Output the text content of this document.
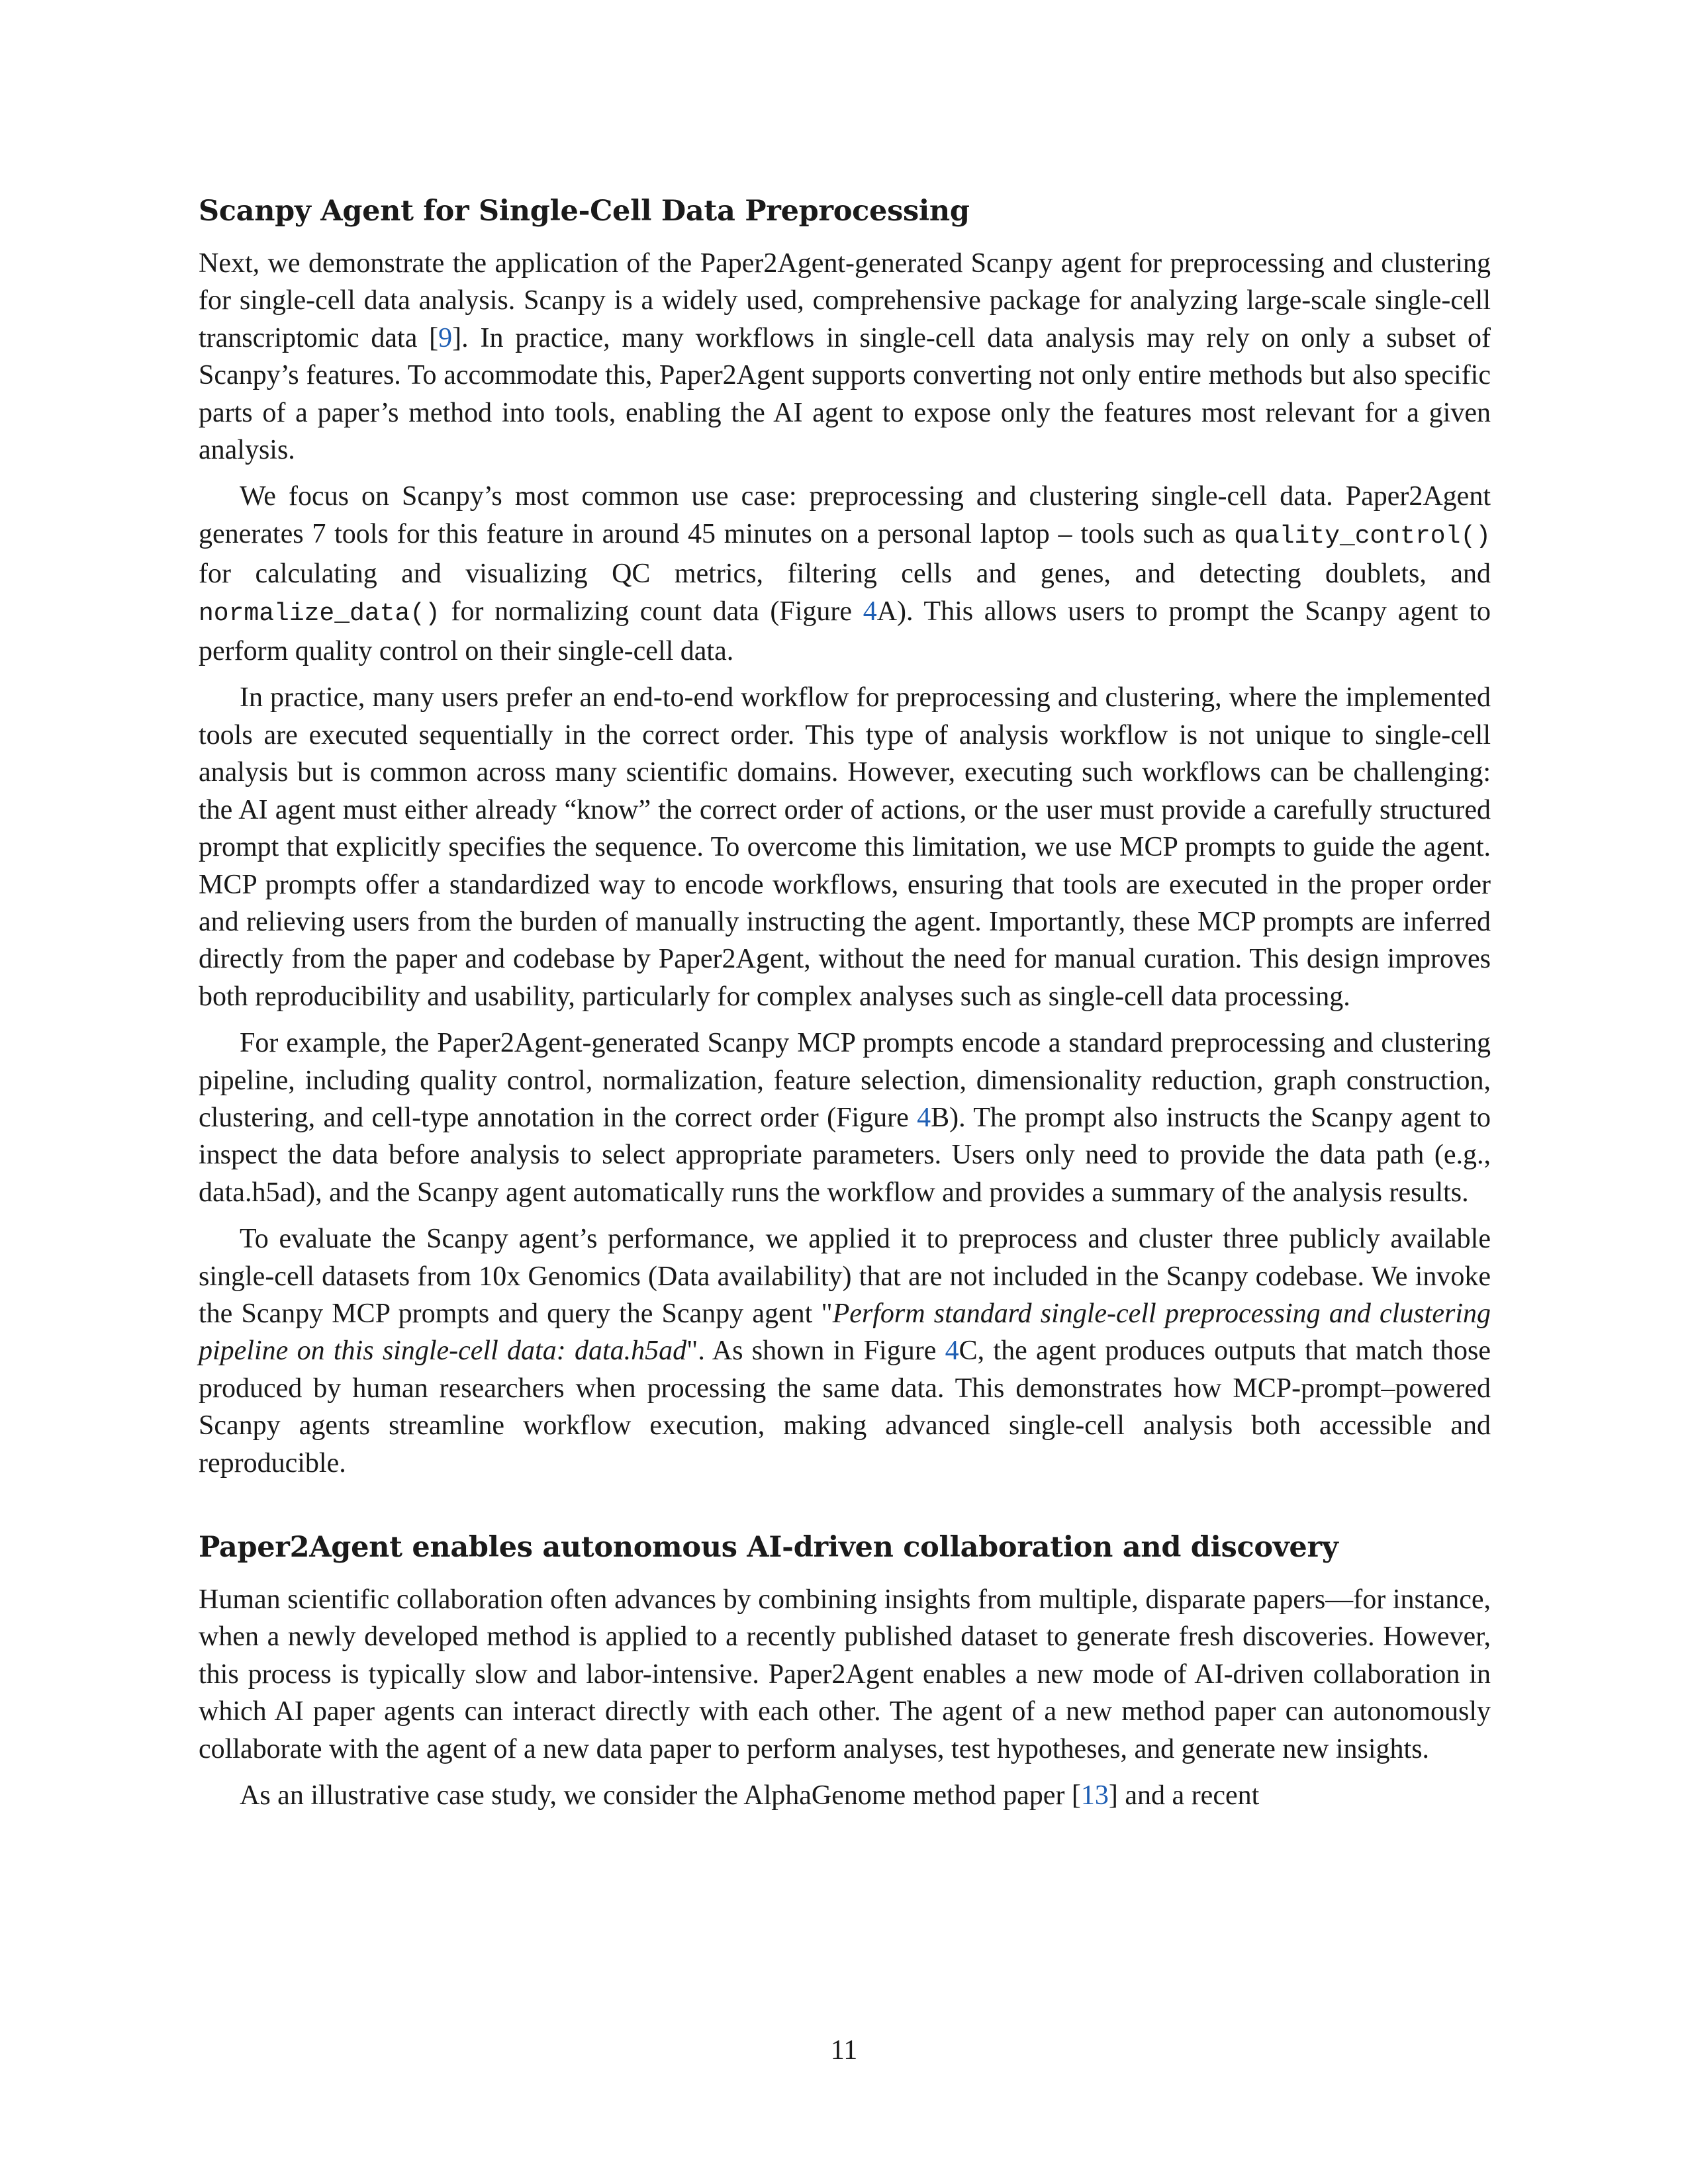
Scanpy Agent for Single-Cell Data Preprocessing

Next, we demonstrate the application of the Paper2Agent-generated Scanpy agent for preprocessing and clustering for single-cell data analysis. Scanpy is a widely used, comprehensive package for analyzing large-scale single-cell transcriptomic data [9]. In practice, many workflows in single-cell data analysis may rely on only a subset of Scanpy’s features. To accommodate this, Paper2Agent supports converting not only entire methods but also specific parts of a paper’s method into tools, enabling the AI agent to expose only the features most relevant for a given analysis.

We focus on Scanpy’s most common use case: preprocessing and clustering single-cell data. Paper2Agent generates 7 tools for this feature in around 45 minutes on a personal laptop – tools such as quality_control() for calculating and visualizing QC metrics, filtering cells and genes, and detecting doublets, and normalize_data() for normalizing count data (Figure 4A). This allows users to prompt the Scanpy agent to perform quality control on their single-cell data.

In practice, many users prefer an end-to-end workflow for preprocessing and clustering, where the implemented tools are executed sequentially in the correct order. This type of analysis workflow is not unique to single-cell analysis but is common across many scientific domains. However, executing such workflows can be challenging: the AI agent must either already “know” the correct order of actions, or the user must provide a carefully structured prompt that explicitly specifies the sequence. To overcome this limitation, we use MCP prompts to guide the agent. MCP prompts offer a standardized way to encode workflows, ensuring that tools are executed in the proper order and relieving users from the burden of manually instructing the agent. Importantly, these MCP prompts are inferred directly from the paper and codebase by Paper2Agent, without the need for manual curation. This design improves both reproducibility and usability, particularly for complex analyses such as single-cell data processing.

For example, the Paper2Agent-generated Scanpy MCP prompts encode a standard preprocessing and clustering pipeline, including quality control, normalization, feature selection, dimensionality reduction, graph construction, clustering, and cell-type annotation in the correct order (Figure 4B). The prompt also instructs the Scanpy agent to inspect the data before analysis to select appropriate parameters. Users only need to provide the data path (e.g., data.h5ad), and the Scanpy agent automatically runs the workflow and provides a summary of the analysis results.

To evaluate the Scanpy agent’s performance, we applied it to preprocess and cluster three publicly available single-cell datasets from 10x Genomics (Data availability) that are not included in the Scanpy codebase. We invoke the Scanpy MCP prompts and query the Scanpy agent "Perform standard single-cell preprocessing and clustering pipeline on this single-cell data: data.h5ad". As shown in Figure 4C, the agent produces outputs that match those produced by human researchers when processing the same data. This demonstrates how MCP-prompt–powered Scanpy agents streamline workflow execution, making advanced single-cell analysis both accessible and reproducible.

Paper2Agent enables autonomous AI-driven collaboration and discovery

Human scientific collaboration often advances by combining insights from multiple, disparate papers—for instance, when a newly developed method is applied to a recently published dataset to generate fresh discoveries. However, this process is typically slow and labor-intensive. Paper2Agent enables a new mode of AI-driven collaboration in which AI paper agents can interact directly with each other. The agent of a new method paper can autonomously collaborate with the agent of a new data paper to perform analyses, test hypotheses, and generate new insights.

As an illustrative case study, we consider the AlphaGenome method paper [13] and a recent

11
